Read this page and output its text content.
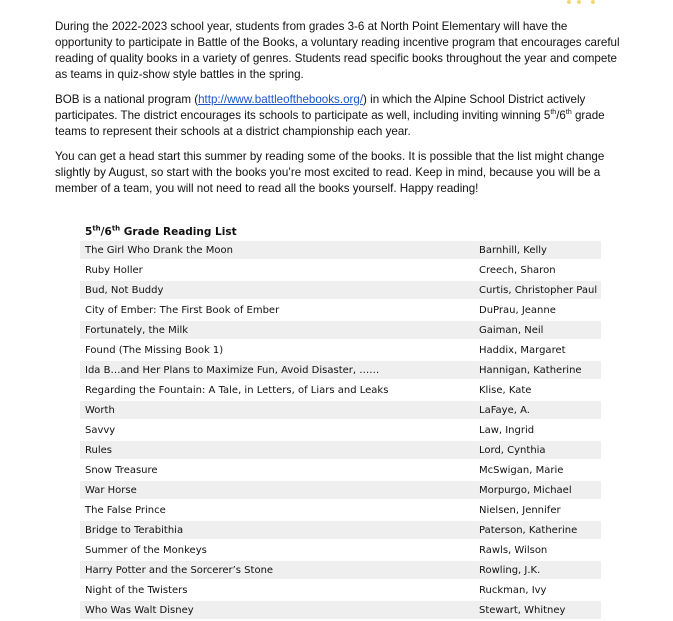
During the 2022-2023 school year, students from grades 3-6 at North Point Elementary will have the opportunity to participate in Battle of the Books, a voluntary reading incentive program that encourages careful reading of quality books in a variety of genres. Students read specific books throughout the year and compete as teams in quiz-show style battles in the spring.

BOB is a national program (http://www.battleofthebooks.org/) in which the Alpine School District actively participates. The district encourages its schools to participate as well, including inviting winning 5th/6th grade teams to represent their schools at a district championship each year.

You can get a head start this summer by reading some of the books. It is possible that the list might change slightly by August, so start with the books you’re most excited to read. Keep in mind, because you will be a member of a team, you will not need to read all the books yourself. Happy reading!

5th/6th Grade Reading List
The Girl Who Drank the Moon	Barnhill, Kelly
Ruby Holler	Creech, Sharon
Bud, Not Buddy	Curtis, Christopher Paul
City of Ember: The First Book of Ember	DuPrau, Jeanne
Fortunately, the Milk	Gaiman, Neil
Found (The Missing Book 1)	Haddix, Margaret
Ida B…and Her Plans to Maximize Fun, Avoid Disaster, ……	Hannigan, Katherine
Regarding the Fountain: A Tale, in Letters, of Liars and Leaks	Klise, Kate
Worth	LaFaye, A.
Savvy	Law, Ingrid
Rules	Lord, Cynthia
Snow Treasure	McSwigan, Marie
War Horse	Morpurgo, Michael
The False Prince	Nielsen, Jennifer
Bridge to Terabithia	Paterson, Katherine
Summer of the Monkeys	Rawls, Wilson
Harry Potter and the Sorcerer’s Stone	Rowling, J.K.
Night of the Twisters	Ruckman, Ivy
Who Was Walt Disney	Stewart, Whitney
